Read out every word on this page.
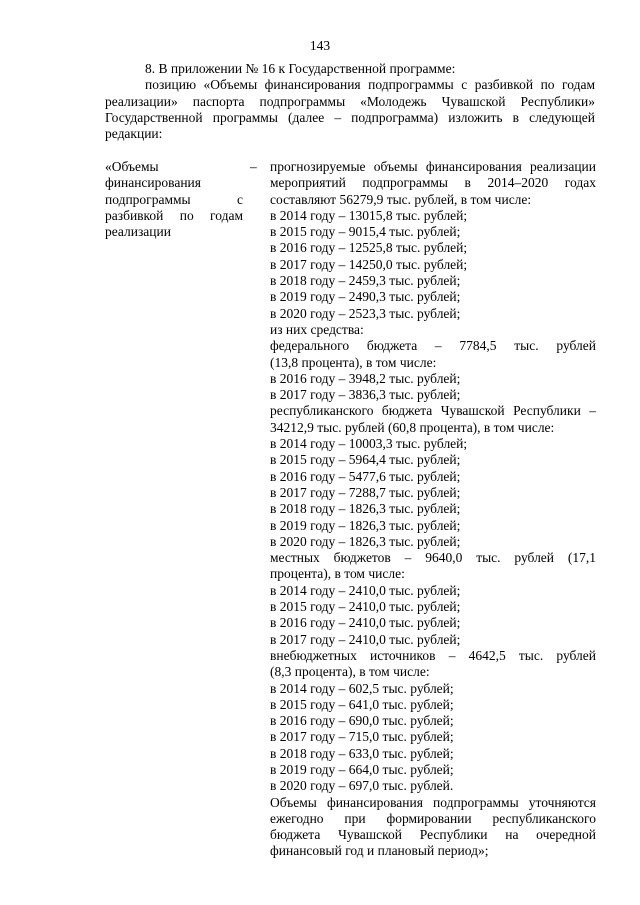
143

8. В приложении № 16 к Государственной программе:

позицию «Объемы финансирования подпрограммы с разбивкой по годам реализации» паспорта подпрограммы «Молодежь Чувашской Республики» Государственной программы (далее – подпрограмма) изложить в следующей редакции:

«Объемы финансирования подпрограммы с разбивкой по годам реализации
– прогнозируемые объемы финансирования реализации мероприятий подпрограммы в 2014–2020 годах составляют 56279,9 тыс. рублей, в том числе:
в 2014 году – 13015,8 тыс. рублей;
в 2015 году – 9015,4 тыс. рублей;
в 2016 году – 12525,8 тыс. рублей;
в 2017 году – 14250,0 тыс. рублей;
в 2018 году – 2459,3 тыс. рублей;
в 2019 году – 2490,3 тыс. рублей;
в 2020 году – 2523,3 тыс. рублей;
из них средства:
федерального бюджета – 7784,5 тыс. рублей
(13,8 процента), в том числе:
в 2016 году – 3948,2 тыс. рублей;
в 2017 году – 3836,3 тыс. рублей;
республиканского бюджета Чувашской Республики – 34212,9 тыс. рублей (60,8 процента), в том числе:
в 2014 году – 10003,3 тыс. рублей;
в 2015 году – 5964,4 тыс. рублей;
в 2016 году – 5477,6 тыс. рублей;
в 2017 году – 7288,7 тыс. рублей;
в 2018 году – 1826,3 тыс. рублей;
в 2019 году – 1826,3 тыс. рублей;
в 2020 году – 1826,3 тыс. рублей;
местных бюджетов – 9640,0 тыс. рублей (17,1 процента), в том числе:
в 2014 году – 2410,0 тыс. рублей;
в 2015 году – 2410,0 тыс. рублей;
в 2016 году – 2410,0 тыс. рублей;
в 2017 году – 2410,0 тыс. рублей;
внебюджетных источников – 4642,5 тыс. рублей
(8,3 процента), в том числе:
в 2014 году – 602,5 тыс. рублей;
в 2015 году – 641,0 тыс. рублей;
в 2016 году – 690,0 тыс. рублей;
в 2017 году – 715,0 тыс. рублей;
в 2018 году – 633,0 тыс. рублей;
в 2019 году – 664,0 тыс. рублей;
в 2020 году – 697,0 тыс. рублей.
Объемы финансирования подпрограммы уточняются ежегодно при формировании республиканского бюджета Чувашской Республики на очередной финансовый год и плановый период»;
